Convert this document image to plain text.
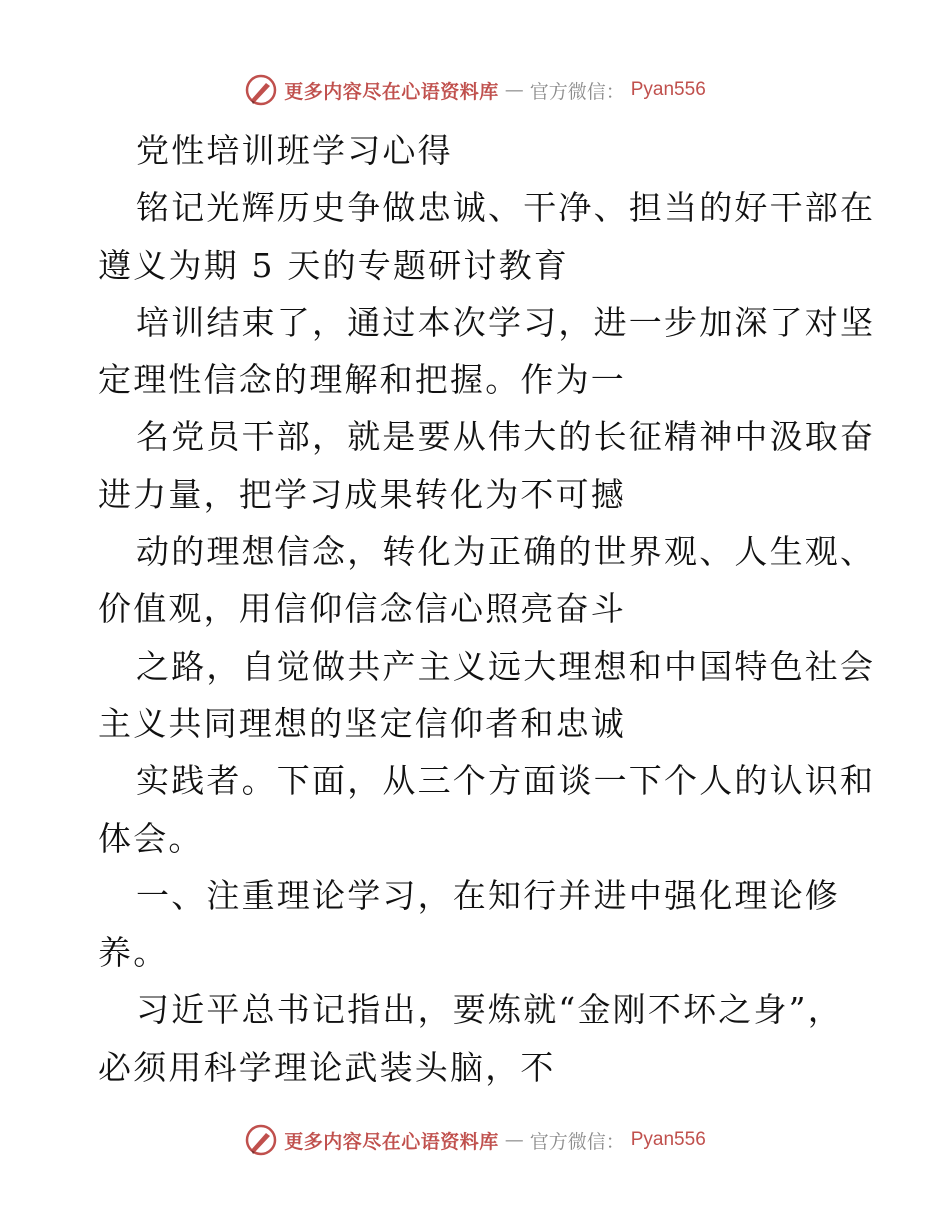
更多内容尽在心语资料库 — 官方微信： Pyan556
党性培训班学习心得
铭记光辉历史争做忠诚、干净、担当的好干部在
遵义为期 5 天的专题研讨教育
培训结束了，通过本次学习，进一步加深了对坚
定理性信念的理解和把握。作为一
名党员干部，就是要从伟大的长征精神中汲取奋
进力量，把学习成果转化为不可撼
动的理想信念，转化为正确的世界观、人生观、
价值观，用信仰信念信心照亮奋斗
之路，自觉做共产主义远大理想和中国特色社会
主义共同理想的坚定信仰者和忠诚
实践者。下面，从三个方面谈一下个人的认识和
体会。
一、注重理论学习，在知行并进中强化理论修
养。
习近平总书记指出，要炼就“金刚不坏之身”，
必须用科学理论武装头脑，不
更多内容尽在心语资料库 — 官方微信： Pyan556
